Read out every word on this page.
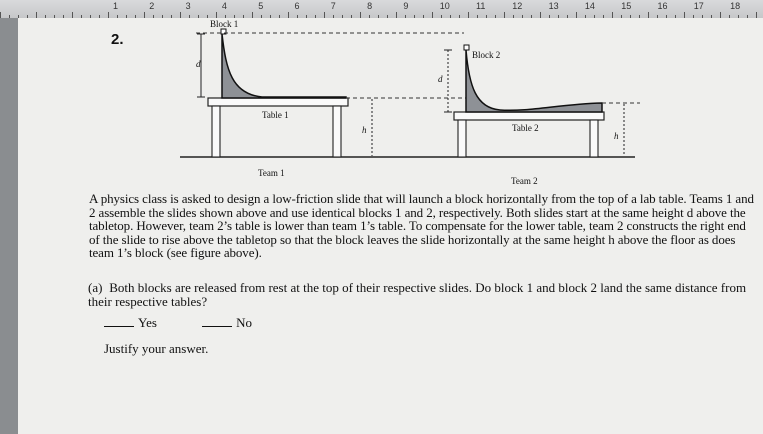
1	2	3	4	5	6	7	8	9	10	11	12	13	14	15	16	17	18
2.
Block 1
Block 2
Table 1
Table 2
Team 1
Team 2
d
d
h
h
A physics class is asked to design a low-friction slide that will launch a block horizontally from the top of a lab table. Teams 1 and 2 assemble the slides shown above and use identical blocks 1 and 2, respectively. Both slides start at the same height d above the tabletop. However, team 2’s table is lower than team 1’s table. To compensate for the lower table, team 2 constructs the right end of the slide to rise above the tabletop so that the block leaves the slide horizontally at the same height h above the floor as does team 1’s block (see figure above).
(a) Both blocks are released from rest at the top of their respective slides. Do block 1 and block 2 land the same distance from their respective tables?
Yes	No
Justify your answer.
